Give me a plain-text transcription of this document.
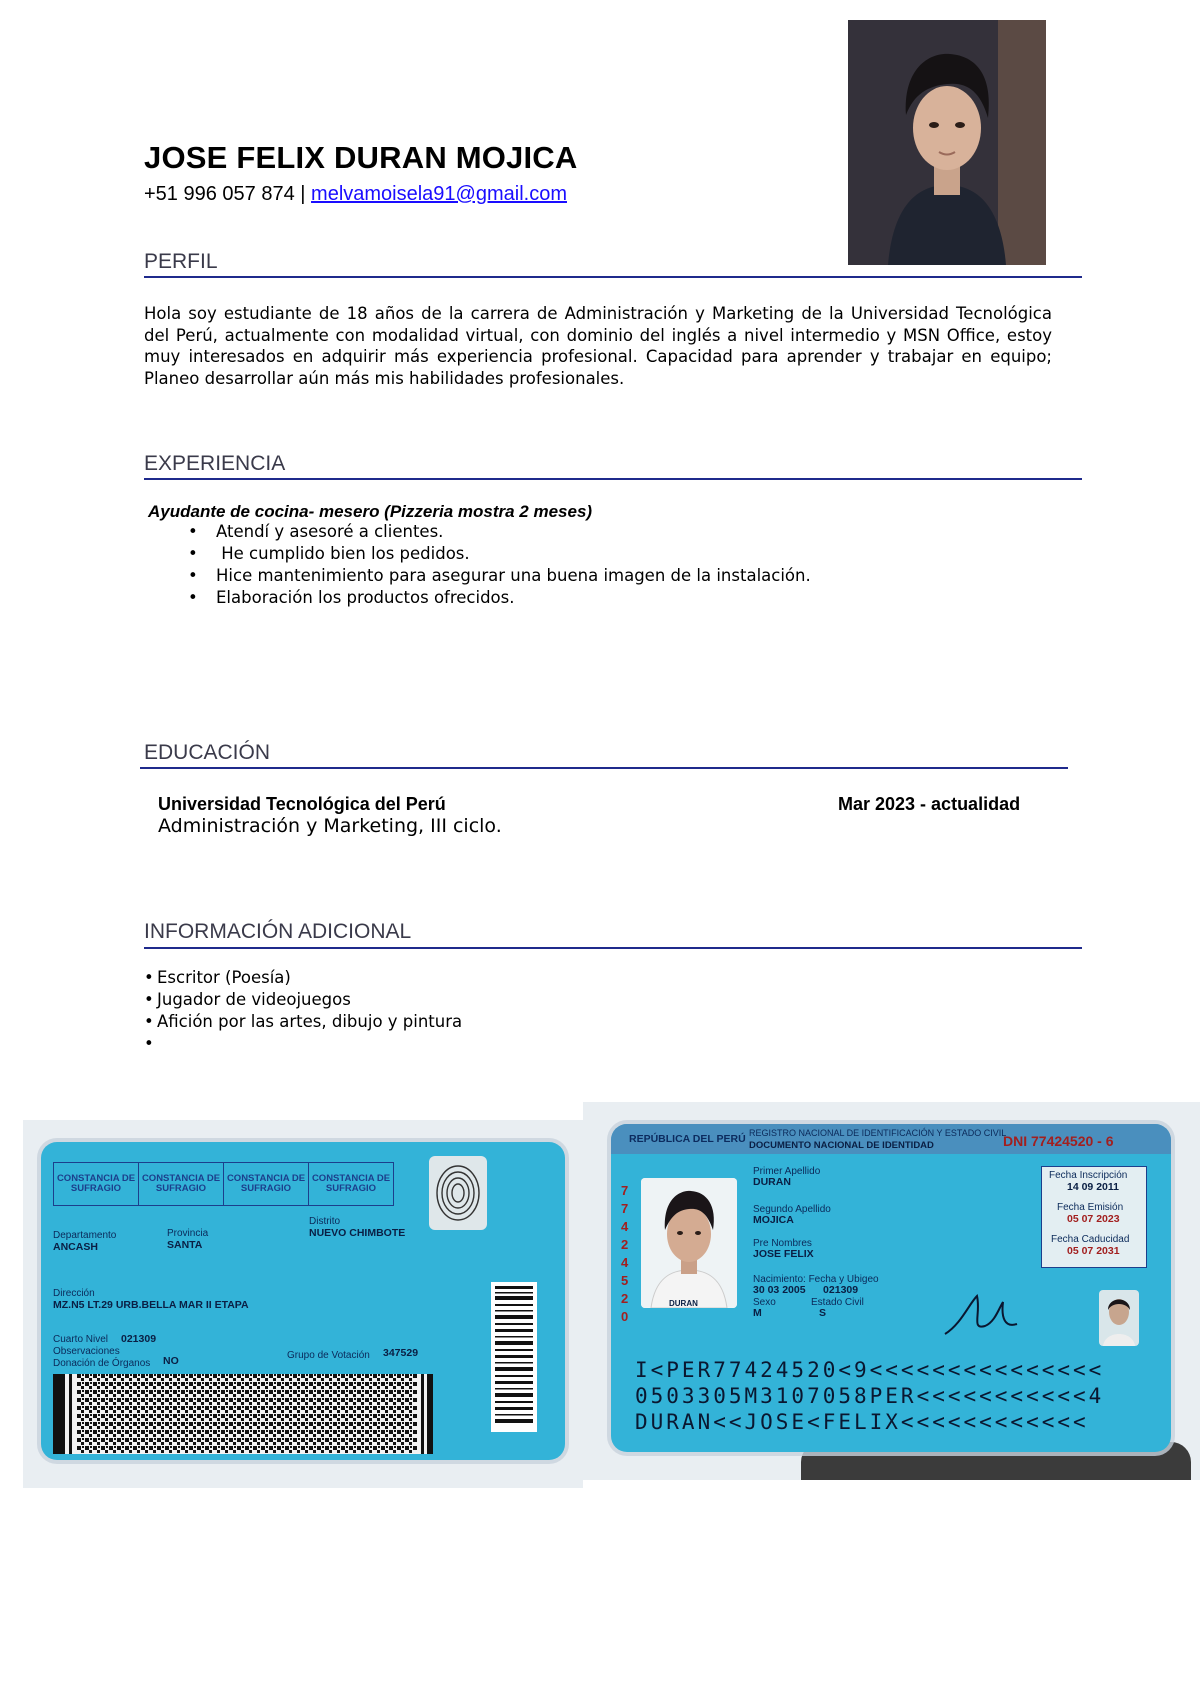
JOSE FELIX DURAN MOJICA
+51 996 057 874 | melvamoisela91@gmail.com
PERFIL
Hola soy estudiante de 18 años de la carrera de Administración y Marketing de la Universidad Tecnológica del Perú, actualmente con modalidad virtual, con dominio del inglés a nivel intermedio y MSN Office, estoy muy interesados en adquirir más experiencia profesional. Capacidad para aprender y trabajar en equipo; Planeo desarrollar aún más mis habilidades profesionales.
EXPERIENCIA
Ayudante de cocina- mesero (Pizzeria mostra 2 meses)
• Atendí y asesoré a clientes.
•  He cumplido bien los pedidos.
• Hice mantenimiento para asegurar una buena imagen de la instalación.
• Elaboración los productos ofrecidos.
EDUCACIÓN
Universidad Tecnológica del Perú	Mar 2023 - actualidad
Administración y Marketing, III ciclo.
INFORMACIÓN ADICIONAL
• Escritor (Poesía)
• Jugador de videojuegos
• Afición por las artes, dibujo y pintura
•
CONSTANCIA DE SUFRAGIO
CONSTANCIA DE SUFRAGIO
CONSTANCIA DE SUFRAGIO
CONSTANCIA DE SUFRAGIO
Departamento
ANCASH
Provincia
SANTA
Distrito
NUEVO CHIMBOTE
Dirección
MZ.N5 LT.29 URB.BELLA MAR II ETAPA
Cuarto Nivel 021309
Observaciones
Donación de Órganos NO	Grupo de Votación 347529
REPÚBLICA DEL PERÚ REGISTRO NACIONAL DE IDENTIFICACIÓN Y ESTADO CIVIL
DOCUMENTO NACIONAL DE IDENTIDAD	DNI 77424520 - 6
77424520
DURAN
Primer Apellido
DURAN
Segundo Apellido
MOJICA
Pre Nombres
JOSE FELIX
Nacimiento: Fecha y Ubigeo
30 03 2005      021309
Sexo
M
Estado Civil
S
Fecha Inscripción
14 09 2011
Fecha Emisión
05 07 2023
Fecha Caducidad
05 07 2031
I<PER77424520<9<<<<<<<<<<<<<<<
0503305M3107058PER<<<<<<<<<<<4
DURAN<<JOSE<FELIX<<<<<<<<<<<<
